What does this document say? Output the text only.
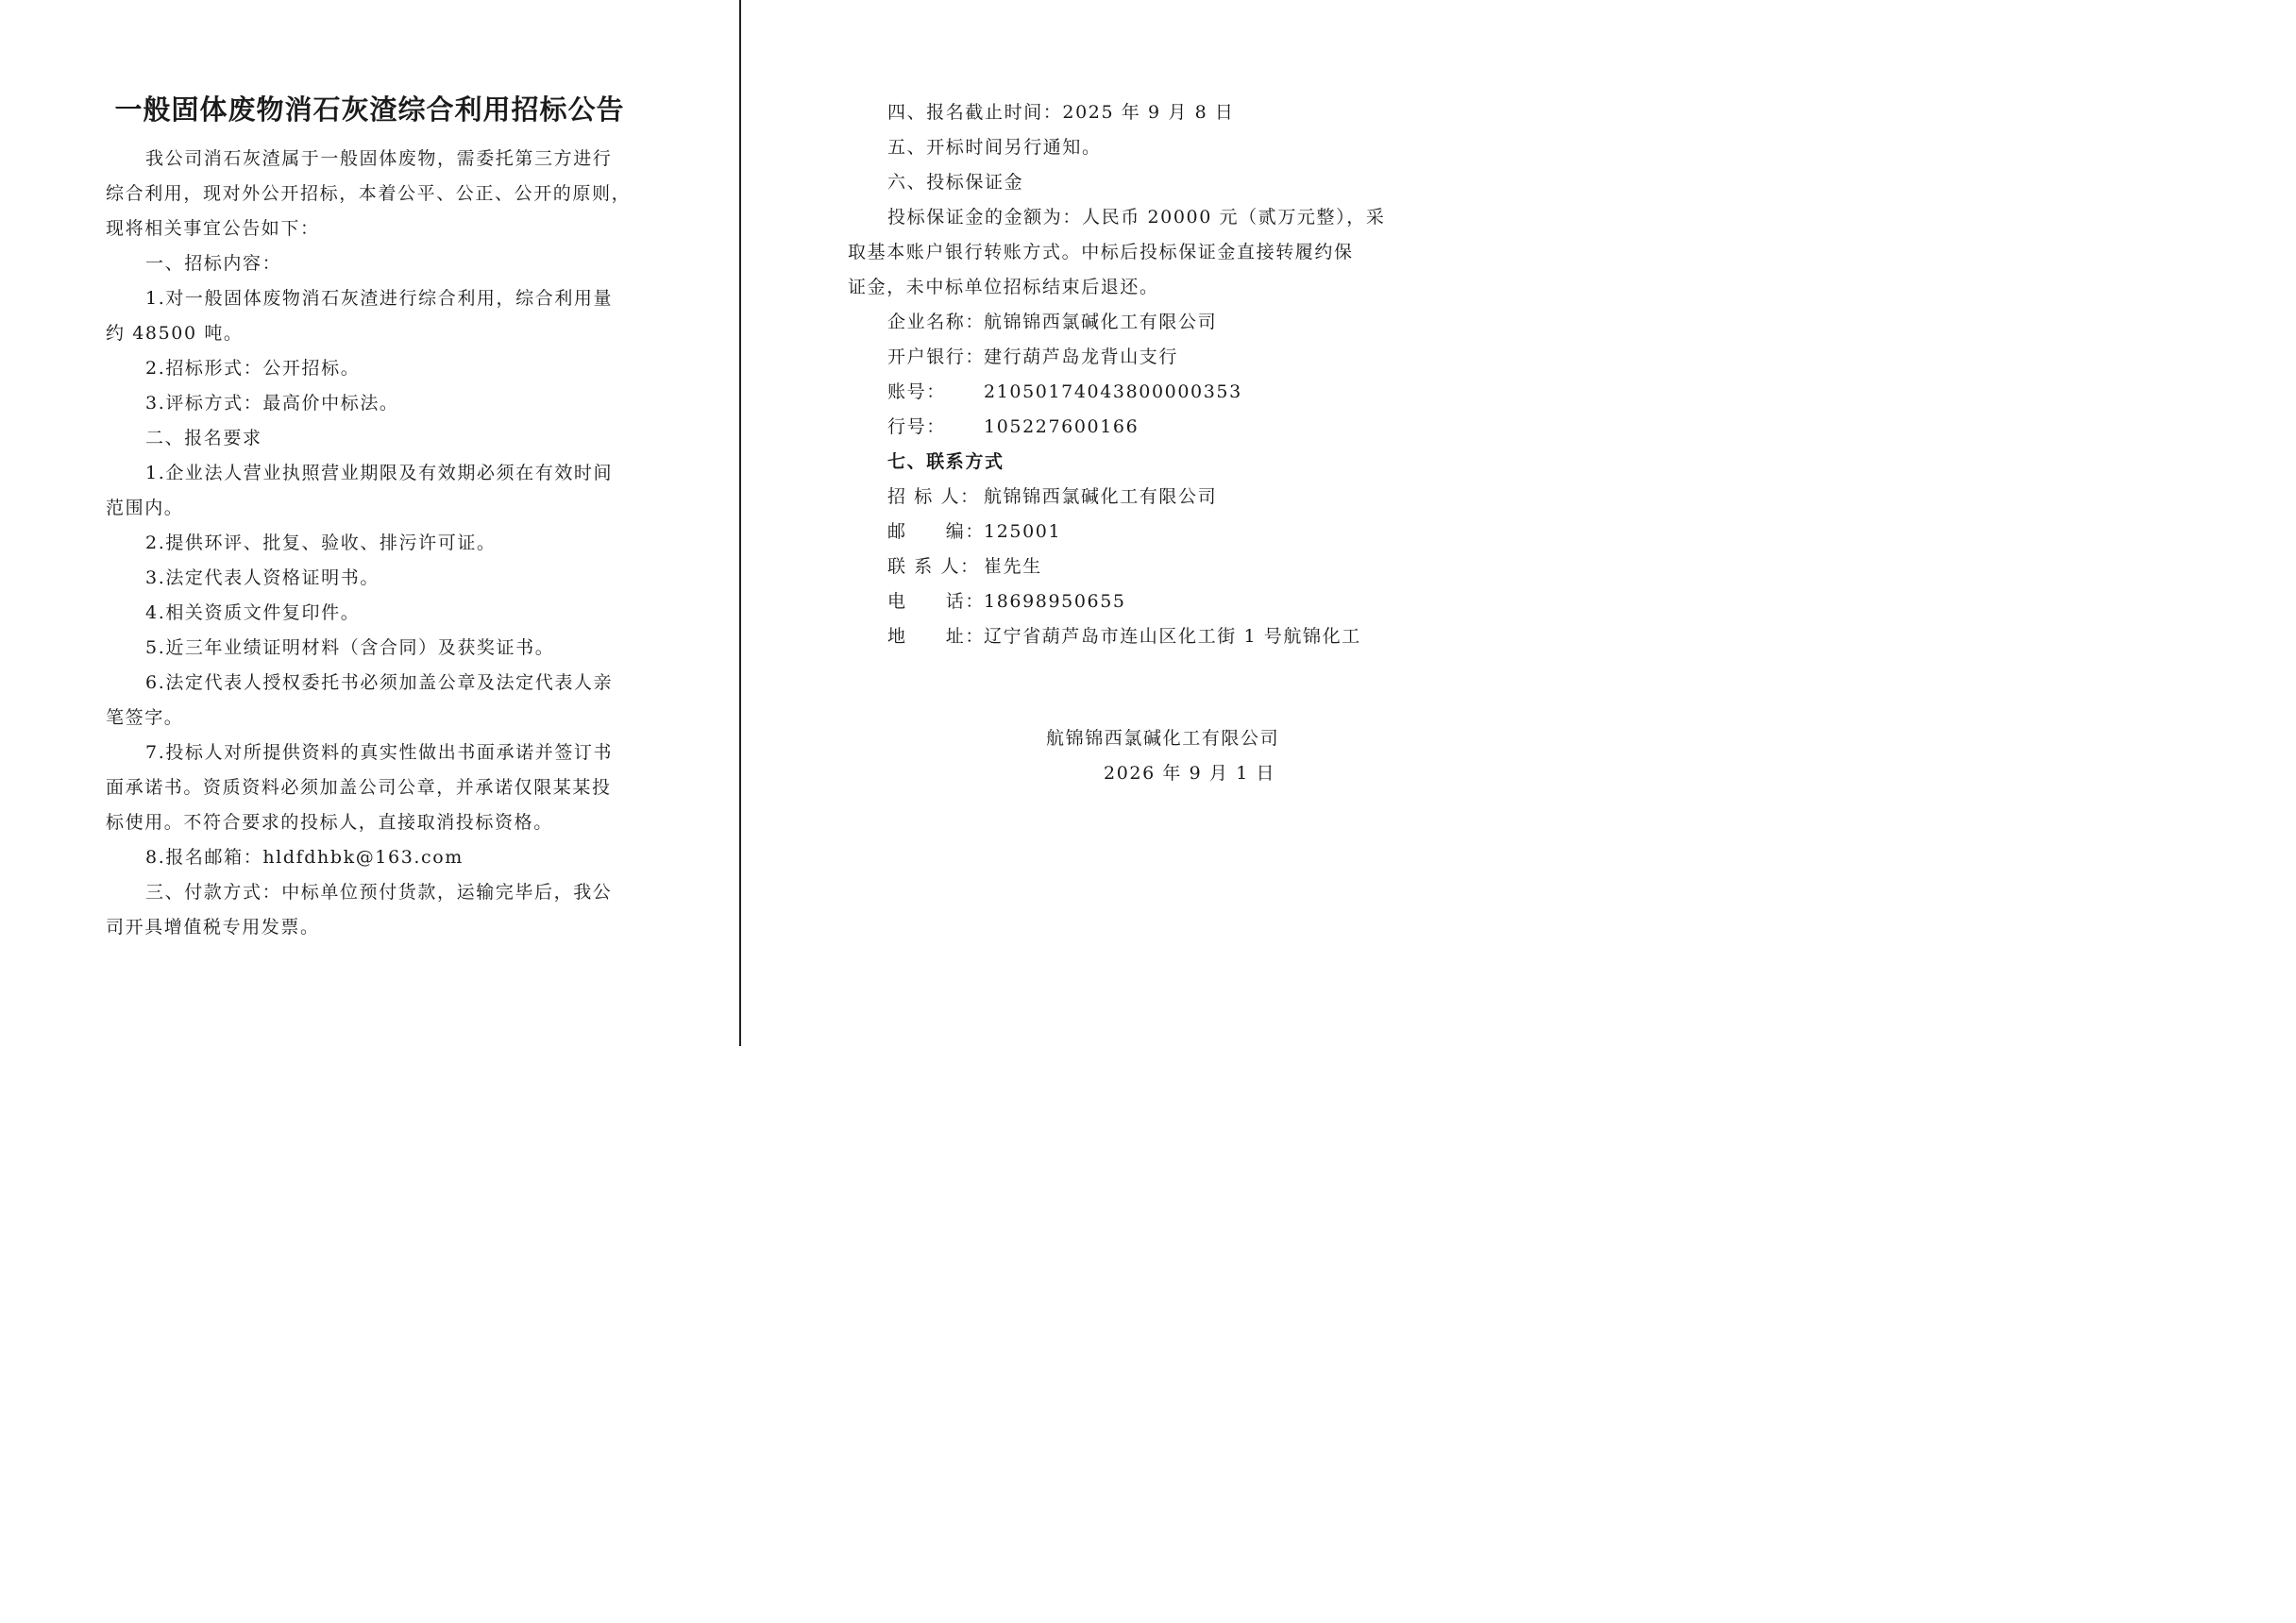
一般固体废物消石灰渣综合利用招标公告
我公司消石灰渣属于一般固体废物，需委托第三方进行
综合利用，现对外公开招标，本着公平、公正、公开的原则，
现将相关事宜公告如下：
一、招标内容：
1.对一般固体废物消石灰渣进行综合利用，综合利用量
约 48500 吨。
2.招标形式：公开招标。
3.评标方式：最高价中标法。
二、报名要求
1.企业法人营业执照营业期限及有效期必须在有效时间
范围内。
2.提供环评、批复、验收、排污许可证。
3.法定代表人资格证明书。
4.相关资质文件复印件。
5.近三年业绩证明材料（含合同）及获奖证书。
6.法定代表人授权委托书必须加盖公章及法定代表人亲
笔签字。
7.投标人对所提供资料的真实性做出书面承诺并签订书
面承诺书。资质资料必须加盖公司公章，并承诺仅限某某投
标使用。不符合要求的投标人，直接取消投标资格。
8.报名邮箱：hldfdhbk@163.com
三、付款方式：中标单位预付货款，运输完毕后，我公
司开具增值税专用发票。
四、报名截止时间：2025 年 9 月 8 日
五、开标时间另行通知。
六、投标保证金
投标保证金的金额为：人民币 20000 元（贰万元整），采
取基本账户银行转账方式。中标后投标保证金直接转履约保
证金，未中标单位招标结束后退还。
企业名称：
航锦锦西氯碱化工有限公司
开户银行：
建行葫芦岛龙背山支行
账号： 21050174043800000353
行号： 105227600166
七、联系方式
招 标 人： 航锦锦西氯碱化工有限公司
邮　　编：
125001
联 系 人： 崔先生
电　　话：
18698950655
地　　址：
辽宁省葫芦岛市连山区化工街 1 号航锦化工
航锦锦西氯碱化工有限公司
2026 年 9 月 1 日
